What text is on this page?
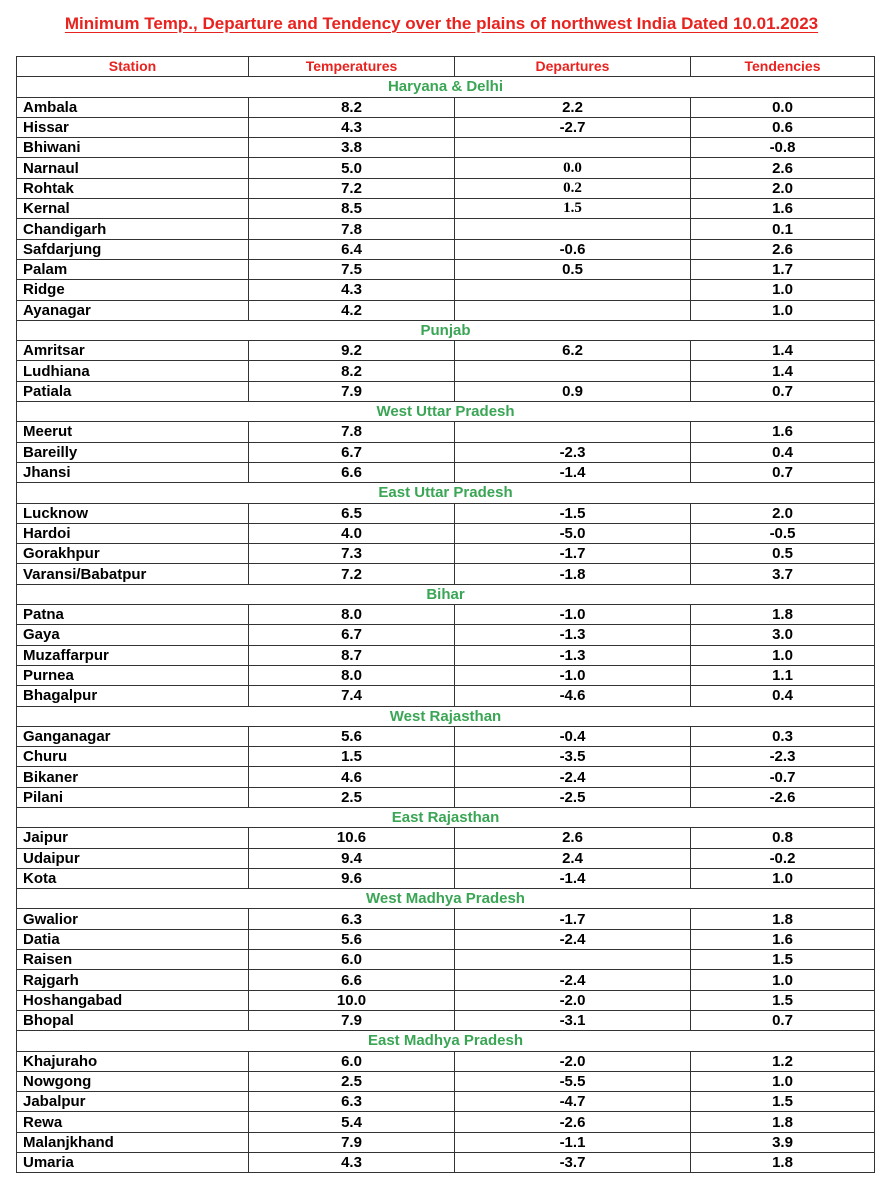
Minimum Temp., Departure and Tendency over the plains of northwest India Dated 10.01.2023
Station	Temperatures	Departures	Tendencies
Haryana & Delhi			
Ambala	8.2	2.2	0.0
Hissar	4.3	-2.7	0.6
Bhiwani	3.8		-0.8
Narnaul	5.0	0.0	2.6
Rohtak	7.2	0.2	2.0
Kernal	8.5	1.5	1.6
Chandigarh	7.8		0.1
Safdarjung	6.4	-0.6	2.6
Palam	7.5	0.5	1.7
Ridge	4.3		1.0
Ayanagar	4.2		1.0
Punjab			
Amritsar	9.2	6.2	1.4
Ludhiana	8.2		1.4
Patiala	7.9	0.9	0.7
West Uttar Pradesh			
Meerut	7.8		1.6
Bareilly	6.7	-2.3	0.4
Jhansi	6.6	-1.4	0.7
East Uttar Pradesh			
Lucknow	6.5	-1.5	2.0
Hardoi	4.0	-5.0	-0.5
Gorakhpur	7.3	-1.7	0.5
Varansi/Babatpur	7.2	-1.8	3.7
Bihar			
Patna	8.0	-1.0	1.8
Gaya	6.7	-1.3	3.0
Muzaffarpur	8.7	-1.3	1.0
Purnea	8.0	-1.0	1.1
Bhagalpur	7.4	-4.6	0.4
West Rajasthan			
Ganganagar	5.6	-0.4	0.3
Churu	1.5	-3.5	-2.3
Bikaner	4.6	-2.4	-0.7
Pilani	2.5	-2.5	-2.6
East Rajasthan			
Jaipur	10.6	2.6	0.8
Udaipur	9.4	2.4	-0.2
Kota	9.6	-1.4	1.0
West Madhya Pradesh			
Gwalior	6.3	-1.7	1.8
Datia	5.6	-2.4	1.6
Raisen	6.0		1.5
Rajgarh	6.6	-2.4	1.0
Hoshangabad	10.0	-2.0	1.5
Bhopal	7.9	-3.1	0.7
East Madhya Pradesh			
Khajuraho	6.0	-2.0	1.2
Nowgong	2.5	-5.5	1.0
Jabalpur	6.3	-4.7	1.5
Rewa	5.4	-2.6	1.8
Malanjkhand	7.9	-1.1	3.9
Umaria	4.3	-3.7	1.8
